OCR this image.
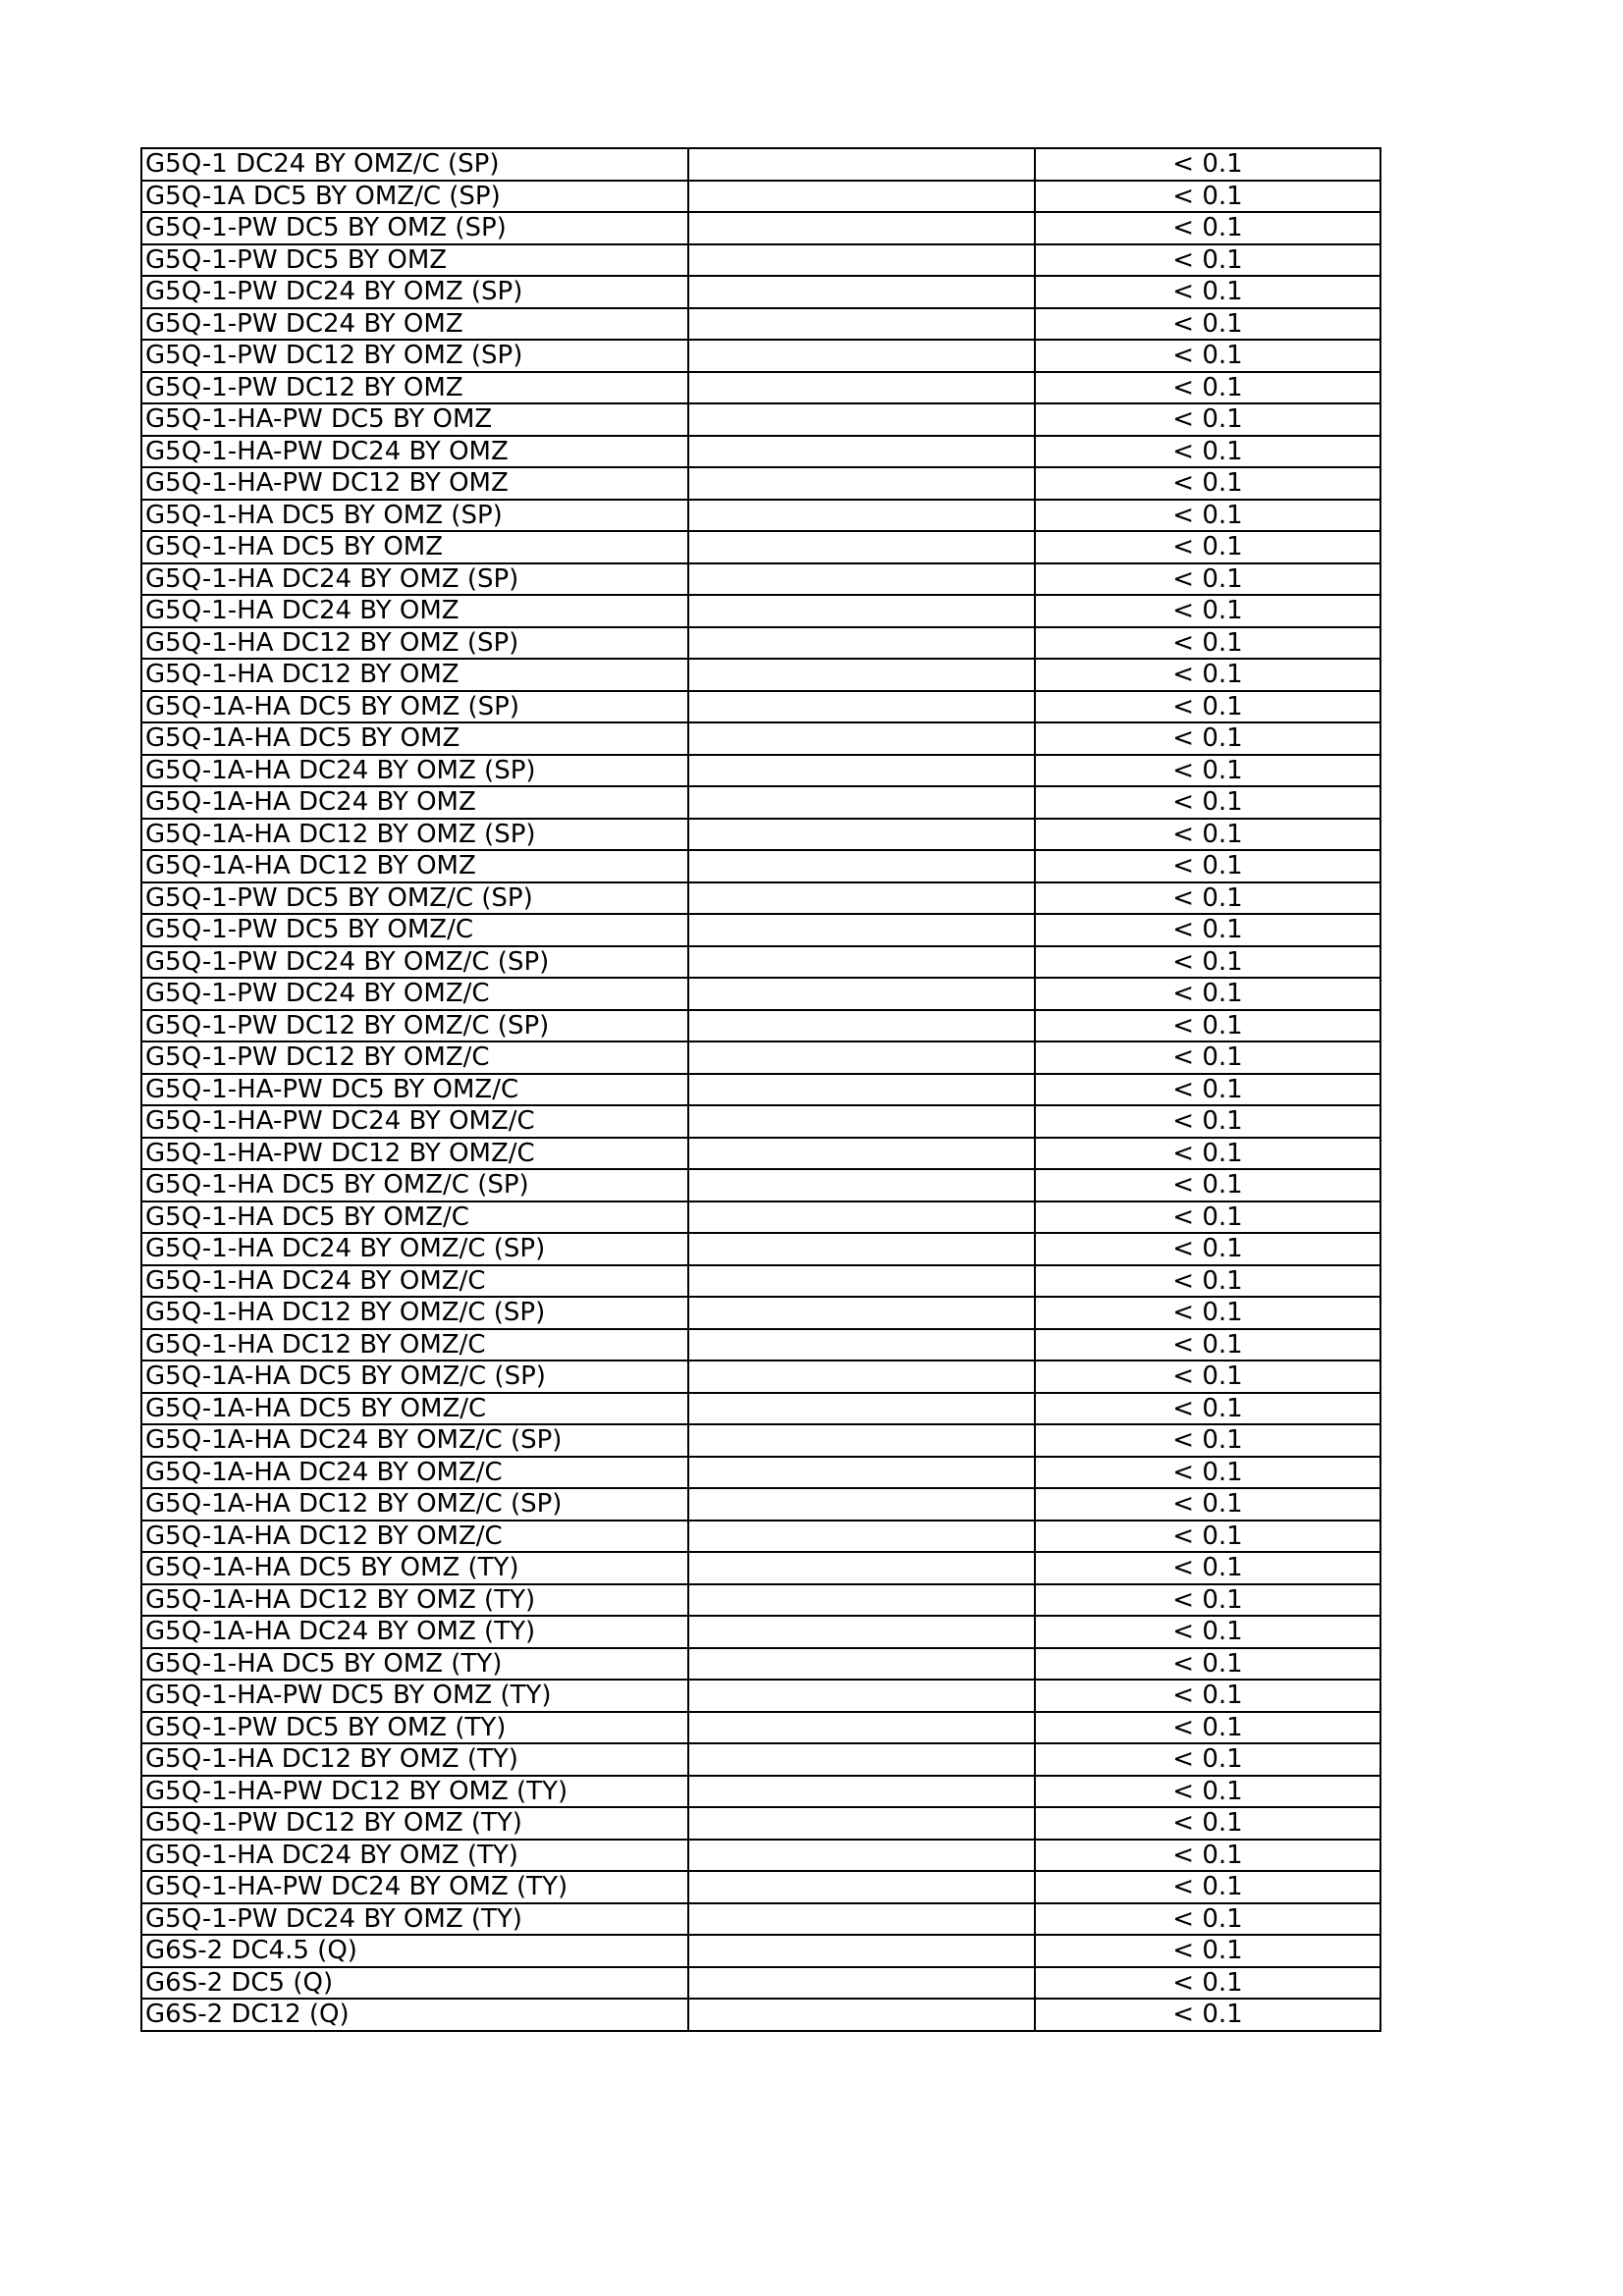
G5Q-1 DC24 BY OMZ/C (SP)		< 0.1
G5Q-1A DC5 BY OMZ/C (SP)		< 0.1
G5Q-1-PW DC5 BY OMZ (SP)		< 0.1
G5Q-1-PW DC5 BY OMZ		< 0.1
G5Q-1-PW DC24 BY OMZ (SP)		< 0.1
G5Q-1-PW DC24 BY OMZ		< 0.1
G5Q-1-PW DC12 BY OMZ (SP)		< 0.1
G5Q-1-PW DC12 BY OMZ		< 0.1
G5Q-1-HA-PW DC5 BY OMZ		< 0.1
G5Q-1-HA-PW DC24 BY OMZ		< 0.1
G5Q-1-HA-PW DC12 BY OMZ		< 0.1
G5Q-1-HA DC5 BY OMZ (SP)		< 0.1
G5Q-1-HA DC5 BY OMZ		< 0.1
G5Q-1-HA DC24 BY OMZ (SP)		< 0.1
G5Q-1-HA DC24 BY OMZ		< 0.1
G5Q-1-HA DC12 BY OMZ (SP)		< 0.1
G5Q-1-HA DC12 BY OMZ		< 0.1
G5Q-1A-HA DC5 BY OMZ (SP)		< 0.1
G5Q-1A-HA DC5 BY OMZ		< 0.1
G5Q-1A-HA DC24 BY OMZ (SP)		< 0.1
G5Q-1A-HA DC24 BY OMZ		< 0.1
G5Q-1A-HA DC12 BY OMZ (SP)		< 0.1
G5Q-1A-HA DC12 BY OMZ		< 0.1
G5Q-1-PW DC5 BY OMZ/C (SP)		< 0.1
G5Q-1-PW DC5 BY OMZ/C		< 0.1
G5Q-1-PW DC24 BY OMZ/C (SP)		< 0.1
G5Q-1-PW DC24 BY OMZ/C		< 0.1
G5Q-1-PW DC12 BY OMZ/C (SP)		< 0.1
G5Q-1-PW DC12 BY OMZ/C		< 0.1
G5Q-1-HA-PW DC5 BY OMZ/C		< 0.1
G5Q-1-HA-PW DC24 BY OMZ/C		< 0.1
G5Q-1-HA-PW DC12 BY OMZ/C		< 0.1
G5Q-1-HA DC5 BY OMZ/C (SP)		< 0.1
G5Q-1-HA DC5 BY OMZ/C		< 0.1
G5Q-1-HA DC24 BY OMZ/C (SP)		< 0.1
G5Q-1-HA DC24 BY OMZ/C		< 0.1
G5Q-1-HA DC12 BY OMZ/C (SP)		< 0.1
G5Q-1-HA DC12 BY OMZ/C		< 0.1
G5Q-1A-HA DC5 BY OMZ/C (SP)		< 0.1
G5Q-1A-HA DC5 BY OMZ/C		< 0.1
G5Q-1A-HA DC24 BY OMZ/C (SP)		< 0.1
G5Q-1A-HA DC24 BY OMZ/C		< 0.1
G5Q-1A-HA DC12 BY OMZ/C (SP)		< 0.1
G5Q-1A-HA DC12 BY OMZ/C		< 0.1
G5Q-1A-HA DC5 BY OMZ (TY)		< 0.1
G5Q-1A-HA DC12 BY OMZ (TY)		< 0.1
G5Q-1A-HA DC24 BY OMZ (TY)		< 0.1
G5Q-1-HA DC5 BY OMZ (TY)		< 0.1
G5Q-1-HA-PW DC5 BY OMZ (TY)		< 0.1
G5Q-1-PW DC5 BY OMZ (TY)		< 0.1
G5Q-1-HA DC12 BY OMZ (TY)		< 0.1
G5Q-1-HA-PW DC12 BY OMZ (TY)		< 0.1
G5Q-1-PW DC12 BY OMZ (TY)		< 0.1
G5Q-1-HA DC24 BY OMZ (TY)		< 0.1
G5Q-1-HA-PW DC24 BY OMZ (TY)		< 0.1
G5Q-1-PW DC24 BY OMZ (TY)		< 0.1
G6S-2 DC4.5 (Q)		< 0.1
G6S-2 DC5 (Q)		< 0.1
G6S-2 DC12 (Q)		< 0.1
